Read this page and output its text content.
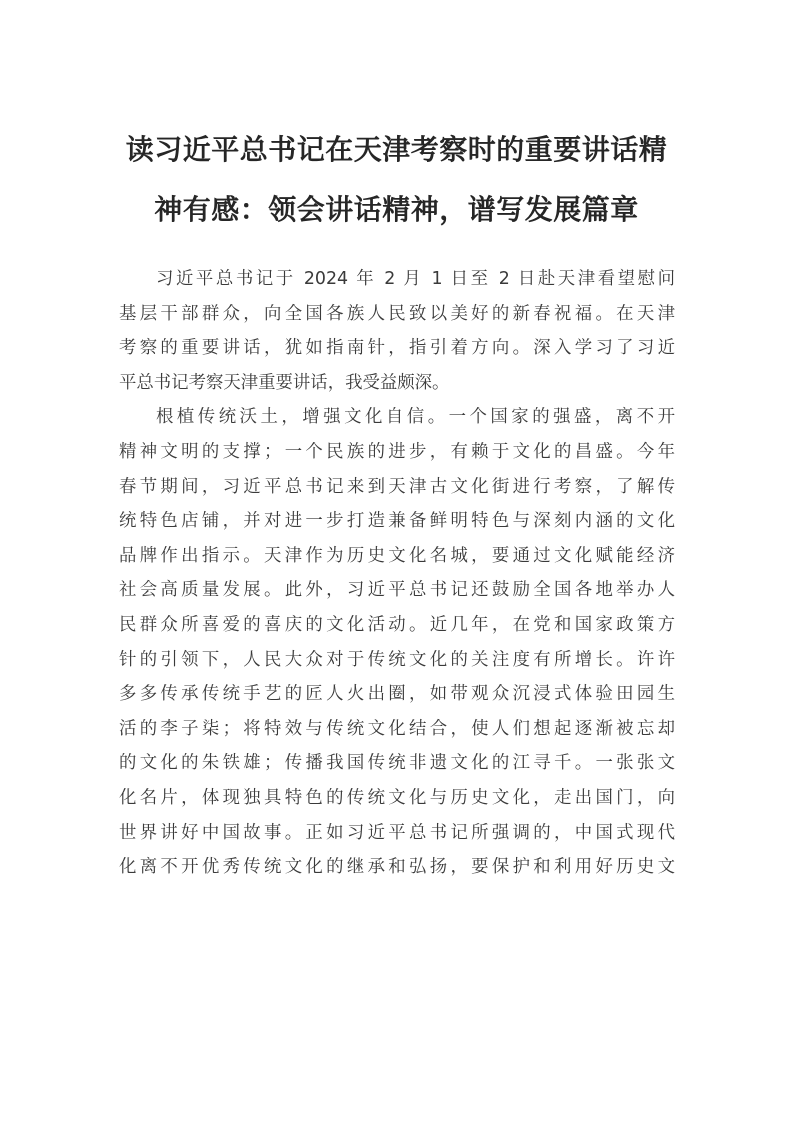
读习近平总书记在天津考察时的重要讲话精
神有感：领会讲话精神，谱写发展篇章

习近平总书记于 2024 年 2 月 1 日至 2 日赴天津看望慰问
基层干部群众，向全国各族人民致以美好的新春祝福。在天津
考察的重要讲话，犹如指南针，指引着方向。深入学习了习近
平总书记考察天津重要讲话，我受益颇深。

根植传统沃土，增强文化自信。一个国家的强盛，离不开
精神文明的支撑；一个民族的进步，有赖于文化的昌盛。今年
春节期间，习近平总书记来到天津古文化街进行考察，了解传
统特色店铺，并对进一步打造兼备鲜明特色与深刻内涵的文化
品牌作出指示。天津作为历史文化名城，要通过文化赋能经济
社会高质量发展。此外，习近平总书记还鼓励全国各地举办人
民群众所喜爱的喜庆的文化活动。近几年，在党和国家政策方
针的引领下，人民大众对于传统文化的关注度有所增长。许许
多多传承传统手艺的匠人火出圈，如带观众沉浸式体验田园生
活的李子柒；将特效与传统文化结合，使人们想起逐渐被忘却
的文化的朱铁雄；传播我国传统非遗文化的江寻千。一张张文
化名片，体现独具特色的传统文化与历史文化，走出国门，向
世界讲好中国故事。正如习近平总书记所强调的，中国式现代
化离不开优秀传统文化的继承和弘扬，要保护和利用好历史文
